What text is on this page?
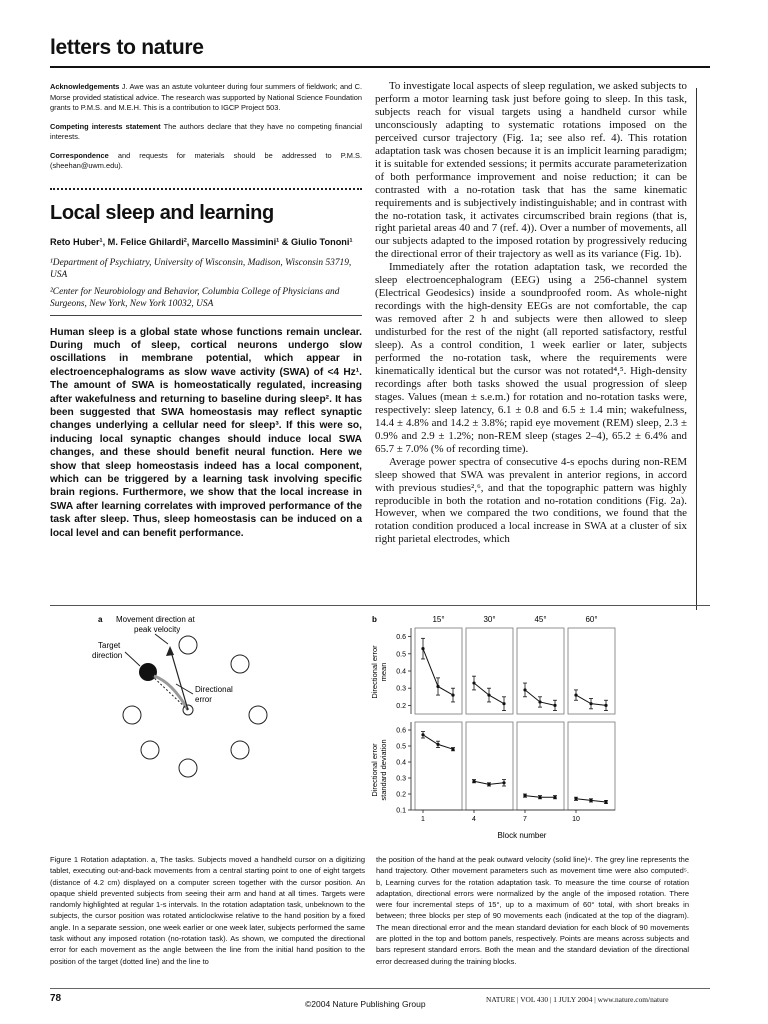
letters to nature

Acknowledgements J. Awe was an astute volunteer during four summers of fieldwork; and C. Morse provided statistical advice. The research was supported by National Science Foundation grants to P.M.S. and M.E.H. This is a contribution to IGCP Project 503.

Competing interests statement The authors declare that they have no competing financial interests.

Correspondence and requests for materials should be addressed to P.M.S. (sheehan@uwm.edu).

Local sleep and learning
Reto Huber¹, M. Felice Ghilardi², Marcello Massimini¹ & Giulio Tononi¹

¹Department of Psychiatry, University of Wisconsin, Madison, Wisconsin 53719, USA

²Center for Neurobiology and Behavior, Columbia College of Physicians and Surgeons, New York, New York 10032, USA

Human sleep is a global state whose functions remain unclear. During much of sleep, cortical neurons undergo slow oscillations in membrane potential, which appear in electroencephalograms as slow wave activity (SWA) of <4 Hz¹. The amount of SWA is homeostatically regulated, increasing after wakefulness and returning to baseline during sleep². It has been suggested that SWA homeostasis may reflect synaptic changes underlying a cellular need for sleep³. If this were so, inducing local synaptic changes should induce local SWA changes, and these should benefit neural function. Here we show that sleep homeostasis indeed has a local component, which can be triggered by a learning task involving specific brain regions. Furthermore, we show that the local increase in SWA after learning correlates with improved performance of the task after sleep. Thus, sleep homeostasis can be induced on a local level and can benefit performance.

To investigate local aspects of sleep regulation, we asked subjects to perform a motor learning task just before going to sleep. In this task, subjects reach for visual targets using a handheld cursor while unconsciously adapting to systematic rotations imposed on the perceived cursor trajectory (Fig. 1a; see also ref. 4). This rotation adaptation task was chosen because it is an implicit learning paradigm; it is suitable for extended sessions; it permits accurate parameterization of both performance improvement and noise reduction; it can be contrasted with a no-rotation task that has the same kinematic requirements and is subjectively indistinguishable; and in contrast with the no-rotation task, it activates circumscribed brain regions (that is, right parietal areas 40 and 7 (ref. 4)). Over a number of movements, all our subjects adapted to the imposed rotation by progressively reducing the directional error of their trajectory as well as its variance (Fig. 1b).

Immediately after the rotation adaptation task, we recorded the sleep electroencephalogram (EEG) using a 256-channel system (Electrical Geodesics) inside a soundproofed room. As whole-night recordings with the high-density EEGs are not comfortable, the cap was removed after 2 h and subjects were then allowed to sleep undisturbed for the rest of the night (all reported satisfactory, restful sleep). As a control condition, 1 week earlier or later, subjects performed the no-rotation task, where the requirements were kinematically identical but the cursor was not rotated⁴,⁵. High-density recordings after both tasks showed the usual progression of sleep stages. Values (mean ± s.e.m.) for rotation and no-rotation tasks were, respectively: sleep latency, 6.1 ± 0.8 and 6.5 ± 1.4 min; wakefulness, 14.4 ± 4.8% and 14.2 ± 3.8%; rapid eye movement (REM) sleep, 2.3 ± 0.9% and 2.9 ± 1.2%; non-REM sleep (stages 2–4), 65.2 ± 6.4% and 65.7 ± 7.0% (% of recording time).

Average power spectra of consecutive 4-s epochs during non-REM sleep showed that SWA was prevalent in anterior regions, in accord with previous studies²,⁶, and that the topographic pattern was highly reproducible in both the rotation and no-rotation conditions (Fig. 2a). However, when we compared the two conditions, we found that the rotation condition produced a local increase in SWA at a cluster of six right parietal electrodes, which

a Movement direction at
peak velocity
Target
direction
Directional
error
b	15°	30°	45°	60°
Directional error mean
Directional error standard deviation
0.6
0.5
0.4
0.3
0.2
0.6
0.5
0.4
0.3
0.2
0.1
1	4	7	10
Block number
Figure 1 Rotation adaptation. a, The tasks. Subjects moved a handheld cursor on a digitizing tablet, executing out-and-back movements from a central starting point to one of eight targets (distance of 4.2 cm) displayed on a computer screen together with the cursor position. An opaque shield prevented subjects from seeing their arm and hand at all times. Targets were randomly highlighted at regular 1-s intervals. In the rotation adaptation task, unbeknown to the subjects, the cursor position was rotated anticlockwise relative to the hand position by a fixed angle. In a separate session, one week earlier or one week later, subjects performed the same task without any imposed rotation (no-rotation task). As shown, we computed the directional error for each movement as the angle between the line from the initial hand position to the position of the target (dotted line) and the line to
the position of the hand at the peak outward velocity (solid line)⁴. The grey line represents the hand trajectory. Other movement parameters such as movement time were also computed⁵. b, Learning curves for the rotation adaptation task. To measure the time course of rotation adaptation, directional errors were normalized by the angle of the imposed rotation. There were four incremental steps of 15°, up to a maximum of 60° total, with short breaks in between; three blocks per step of 90 movements each (indicated at the top of the diagram). The mean directional error and the mean standard deviation for each block of 90 movements are plotted in the top and bottom panels, respectively. Points are means across subjects and bars represent standard errors. Both the mean and the standard deviation of the directional error decreased during the training blocks.
78	©2004 Nature Publishing Group	NATURE | VOL 430 | 1 JULY 2004 | www.nature.com/nature
